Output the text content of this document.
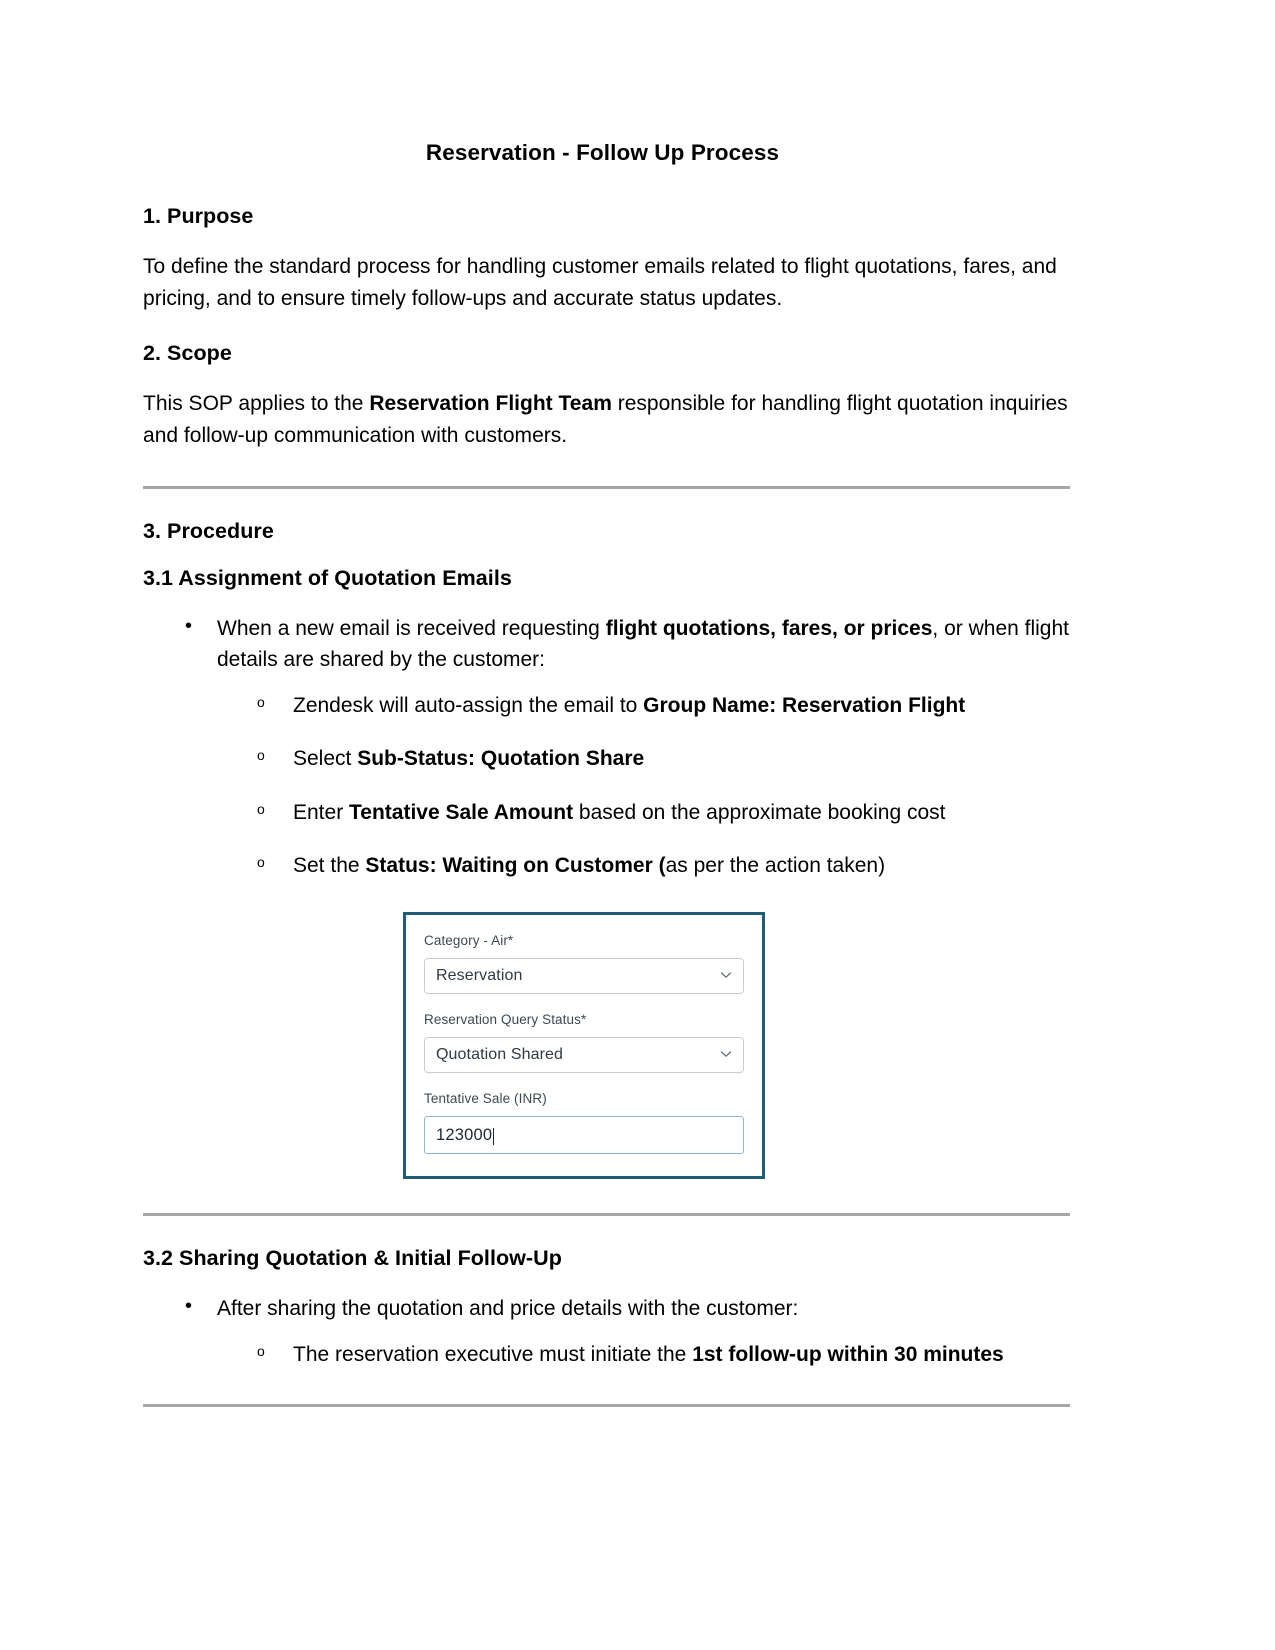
Reservation - Follow Up Process
1. Purpose

To define the standard process for handling customer emails related to flight quotations, fares, and pricing, and to ensure timely follow-ups and accurate status updates.

2. Scope

This SOP applies to the Reservation Flight Team responsible for handling flight quotation inquiries and follow-up communication with customers.

3. Procedure
3.1 Assignment of Quotation Emails
• When a new email is received requesting flight quotations, fares, or prices, or when flight details are shared by the customer:
o Zendesk will auto-assign the email to Group Name: Reservation Flight
o Select Sub-Status: Quotation Share
o Enter Tentative Sale Amount based on the approximate booking cost
o Set the Status: Waiting on Customer (as per the action taken)
Category - Air*
Reservation
Reservation Query Status*
Quotation Shared
Tentative Sale (INR)
123000
3.2 Sharing Quotation & Initial Follow-Up
• After sharing the quotation and price details with the customer:
o The reservation executive must initiate the 1st follow-up within 30 minutes
